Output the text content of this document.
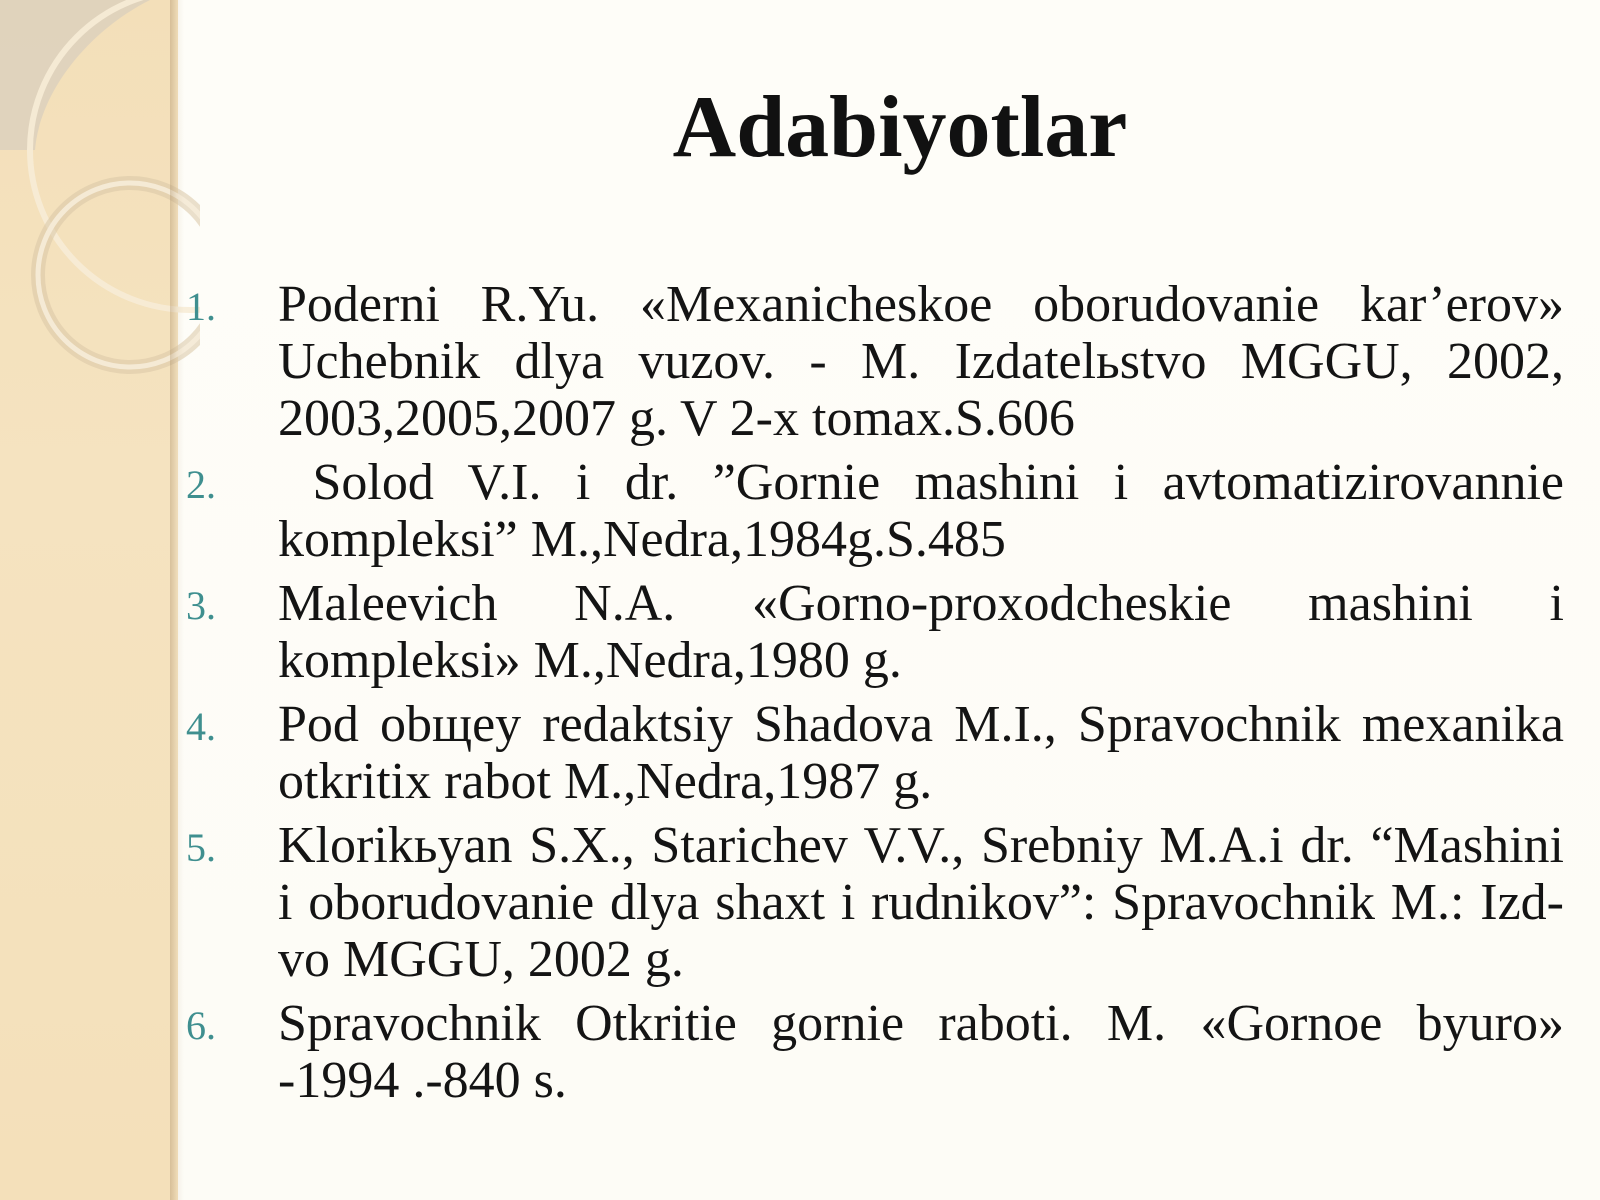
Adabiyotlar
1.	Poderni R.Yu. «Mexanicheskoe oborudovanie kar’erov» Uchebnik dlya vuzov. - M. Izdatelьstvo MGGU, 2002, 2003,2005,2007 g. V 2-x tomax.S.606
2.	Solod V.I. i dr. ”Gornie mashini i avtomatizirovannie kompleksi” M.,Nedra,1984g.S.485
3.	Maleevich N.A. «Gorno-proxodcheskie mashini i kompleksi» M.,Nedra,1980 g.
4.	Pod obщey redaktsiy Shadova M.I., Spravochnik mexanika otkritix rabot M.,Nedra,1987 g.
5.	Klorikьyan S.X., Starichev V.V., Srebniy M.A.i dr. “Mashini i oborudovanie dlya shaxt i rudnikov”: Spravochnik M.: Izd-vo MGGU, 2002 g.
6.	Spravochnik Otkritie gornie raboti. M. «Gornoe byuro» -1994 .-840 s.
